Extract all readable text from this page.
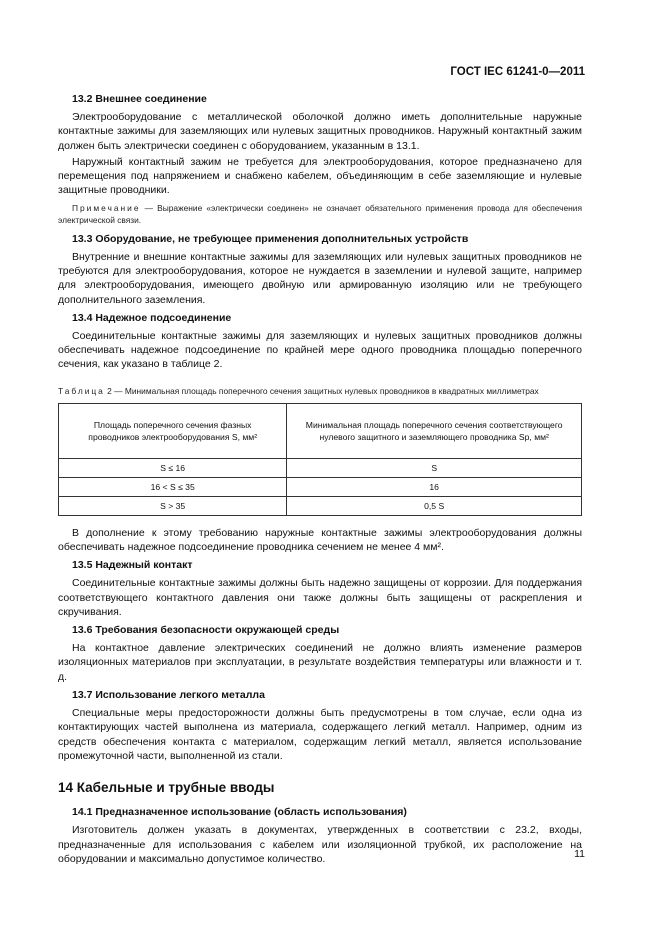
ГОСТ IEC 61241-0—2011
13.2 Внешнее соединение
Электрооборудование с металлической оболочкой должно иметь дополнительные наружные контактные зажимы для заземляющих или нулевых защитных проводников. Наружный контактный зажим должен быть электрически соединен с оборудованием, указанным в 13.1.
Наружный контактный зажим не требуется для электрооборудования, которое предназначено для перемещения под напряжением и снабжено кабелем, объединяющим в себе заземляющие и нулевые защитные проводники.
Примечание — Выражение «электрически соединен» не означает обязательного применения провода для обеспечения электрической связи.
13.3 Оборудование, не требующее применения дополнительных устройств
Внутренние и внешние контактные зажимы для заземляющих или нулевых защитных проводников не требуются для электрооборудования, которое не нуждается в заземлении и нулевой защите, например для электрооборудования, имеющего двойную или армированную изоляцию или не требующего дополнительного заземления.
13.4 Надежное подсоединение
Соединительные контактные зажимы для заземляющих и нулевых защитных проводников должны обеспечивать надежное подсоединение по крайней мере одного проводника площадью поперечного сечения, как указано в таблице 2.
Таблица 2 — Минимальная площадь поперечного сечения защитных нулевых проводников в квадратных миллиметрах
Площадь поперечного сечения фазных проводников электрооборудования S, мм²	Минимальная площадь поперечного сечения соответствующего нулевого защитного и заземляющего проводника Sp, мм²
S ≤ 16	S
16 < S ≤ 35	16
S > 35	0,5 S
В дополнение к этому требованию наружные контактные зажимы электрооборудования должны обеспечивать надежное подсоединение проводника сечением не менее 4 мм².
13.5 Надежный контакт
Соединительные контактные зажимы должны быть надежно защищены от коррозии. Для поддержания соответствующего контактного давления они также должны быть защищены от раскрепления и скручивания.
13.6 Требования безопасности окружающей среды
На контактное давление электрических соединений не должно влиять изменение размеров изоляционных материалов при эксплуатации, в результате воздействия температуры или влажности и т. д.
13.7 Использование легкого металла
Специальные меры предосторожности должны быть предусмотрены в том случае, если одна из контактирующих частей выполнена из материала, содержащего легкий металл. Например, одним из средств обеспечения контакта с материалом, содержащим легкий металл, является использование промежуточной части, выполненной из стали.
14 Кабельные и трубные вводы
14.1 Предназначенное использование (область использования)
Изготовитель должен указать в документах, утвержденных в соответствии с 23.2, входы, предназначенные для использования с кабелем или изоляционной трубкой, их расположение на оборудовании и максимально допустимое количество.	11
